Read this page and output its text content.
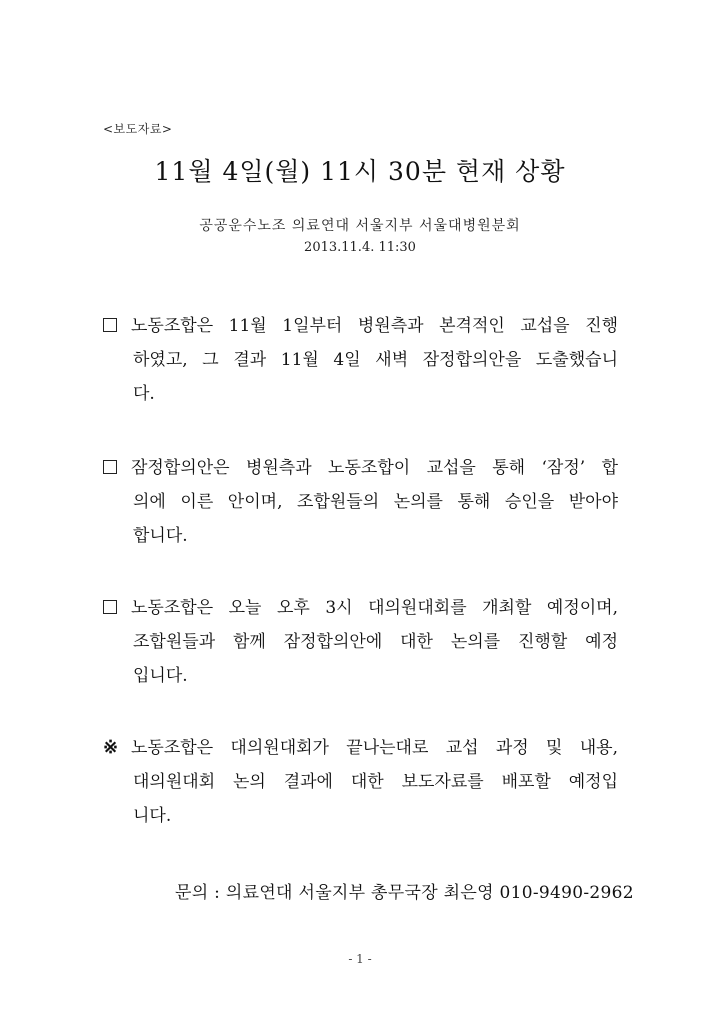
<보도자료>
11월 4일(월) 11시 30분 현재 상황
공공운수노조 의료연대 서울지부 서울대병원분회
2013.11.4. 11:30
노동조합은 11월 1일부터 병원측과 본격적인 교섭을 진행
하였고, 그 결과 11월 4일 새벽 잠정합의안을 도출했습니
다.
잠정합의안은 병원측과 노동조합이 교섭을 통해 ‘잠정’ 합
의에 이른 안이며, 조합원들의 논의를 통해 승인을 받아야
합니다.
노동조합은 오늘 오후 3시 대의원대회를 개최할 예정이며,
조합원들과 함께 잠정합의안에 대한 논의를 진행할 예정
입니다.
※ 노동조합은 대의원대회가 끝나는대로 교섭 과정 및 내용,
대의원대회 논의 결과에 대한 보도자료를 배포할 예정입
니다.
문의 : 의료연대 서울지부 총무국장 최은영 010-9490-2962
- 1 -
